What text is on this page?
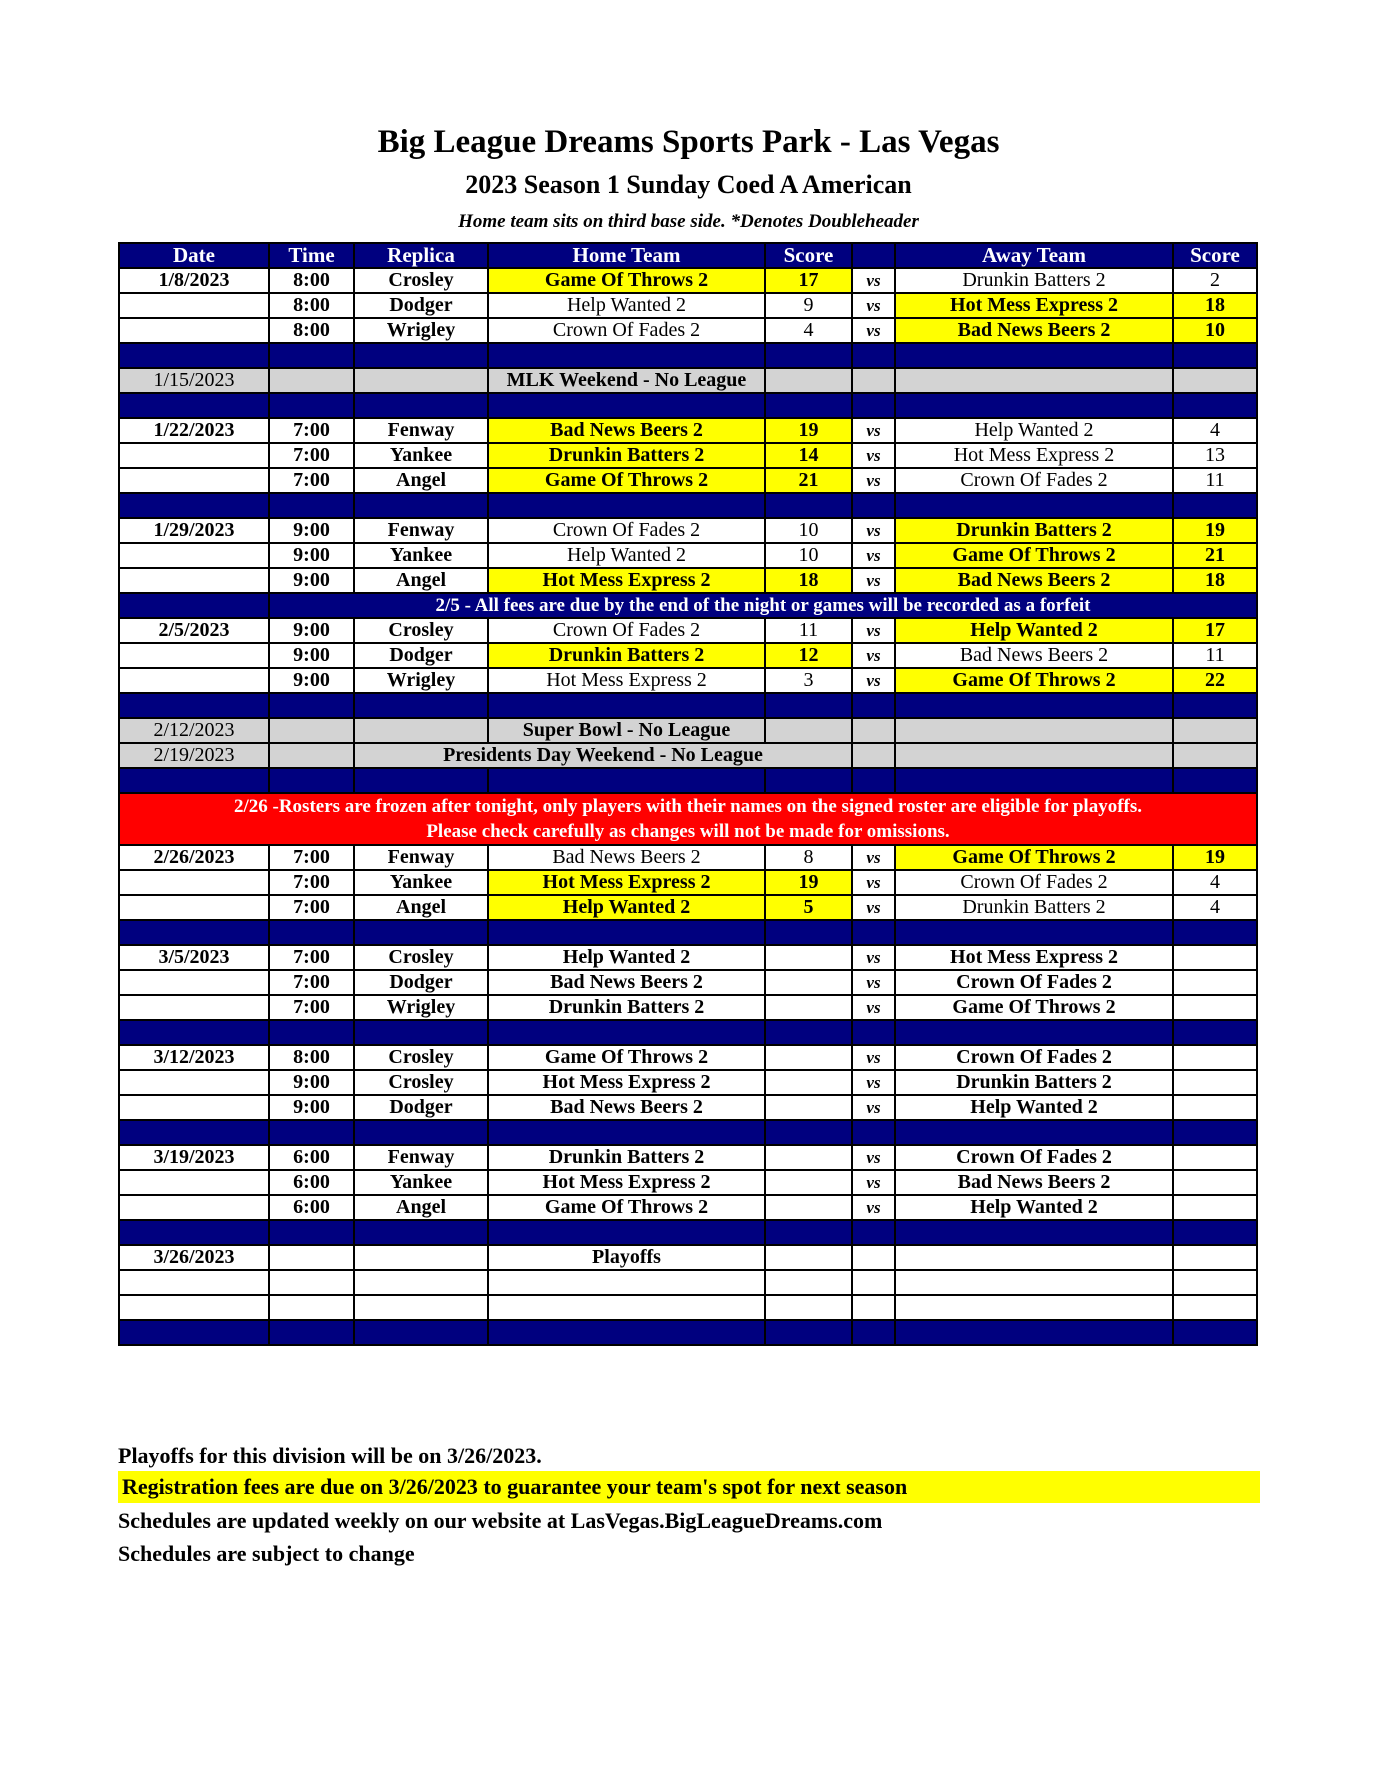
Big League Dreams Sports Park - Las Vegas
2023 Season 1 Sunday Coed A American
Home team sits on third base side. *Denotes Doubleheader
Date	Time	Replica	Home Team	Score		Away Team	Score	
1/8/2023	8:00	Crosley	Game Of Throws 2	17	vs	Drunkin Batters 2	2	
	8:00	Dodger	Help Wanted 2	9	vs	Hot Mess Express 2	18	
	8:00	Wrigley	Crown Of Fades 2	4	vs	Bad News Beers 2	10	

1/15/2023			MLK Weekend - No League					

1/22/2023	7:00	Fenway	Bad News Beers 2	19	vs	Help Wanted 2	4	
	7:00	Yankee	Drunkin Batters 2	14	vs	Hot Mess Express 2	13	
	7:00	Angel	Game Of Throws 2	21	vs	Crown Of Fades 2	11	

1/29/2023	9:00	Fenway	Crown Of Fades 2	10	vs	Drunkin Batters 2	19	
	9:00	Yankee	Help Wanted 2	10	vs	Game Of Throws 2	21	
	9:00	Angel	Hot Mess Express 2	18	vs	Bad News Beers 2	18	
	2/5 - All fees are due by the end of the night or games will be recorded as a forfeit							
2/5/2023	9:00	Crosley	Crown Of Fades 2	11	vs	Help Wanted 2	17	
	9:00	Dodger	Drunkin Batters 2	12	vs	Bad News Beers 2	11	
	9:00	Wrigley	Hot Mess Express 2	3	vs	Game Of Throws 2	22	

2/12/2023			Super Bowl - No League					
2/19/2023		Presidents Day Weekend - No League						

2/26 -Rosters are frozen after tonight, only players with their names on the signed roster are eligible for playoffs.
Please check carefully as changes will not be made for omissions.								

2/26/2023	7:00	Fenway	Bad News Beers 2	8	vs	Game Of Throws 2	19	
	7:00	Yankee	Hot Mess Express 2	19	vs	Crown Of Fades 2	4	
	7:00	Angel	Help Wanted 2	5	vs	Drunkin Batters 2	4	

3/5/2023	7:00	Crosley	Help Wanted 2		vs	Hot Mess Express 2		
	7:00	Dodger	Bad News Beers 2		vs	Crown Of Fades 2		
	7:00	Wrigley	Drunkin Batters 2		vs	Game Of Throws 2		

3/12/2023	8:00	Crosley	Game Of Throws 2		vs	Crown Of Fades 2		
	9:00	Crosley	Hot Mess Express 2		vs	Drunkin Batters 2		
	9:00	Dodger	Bad News Beers 2		vs	Help Wanted 2		

3/19/2023	6:00	Fenway	Drunkin Batters 2		vs	Crown Of Fades 2		
	6:00	Yankee	Hot Mess Express 2		vs	Bad News Beers 2		
	6:00	Angel	Game Of Throws 2		vs	Help Wanted 2		

3/26/2023			Playoffs					

Playoffs for this division will be on 3/26/2023.
Registration fees are due on 3/26/2023 to guarantee your team's spot for next season
Schedules are updated weekly on our website at LasVegas.BigLeagueDreams.com
Schedules are subject to change
